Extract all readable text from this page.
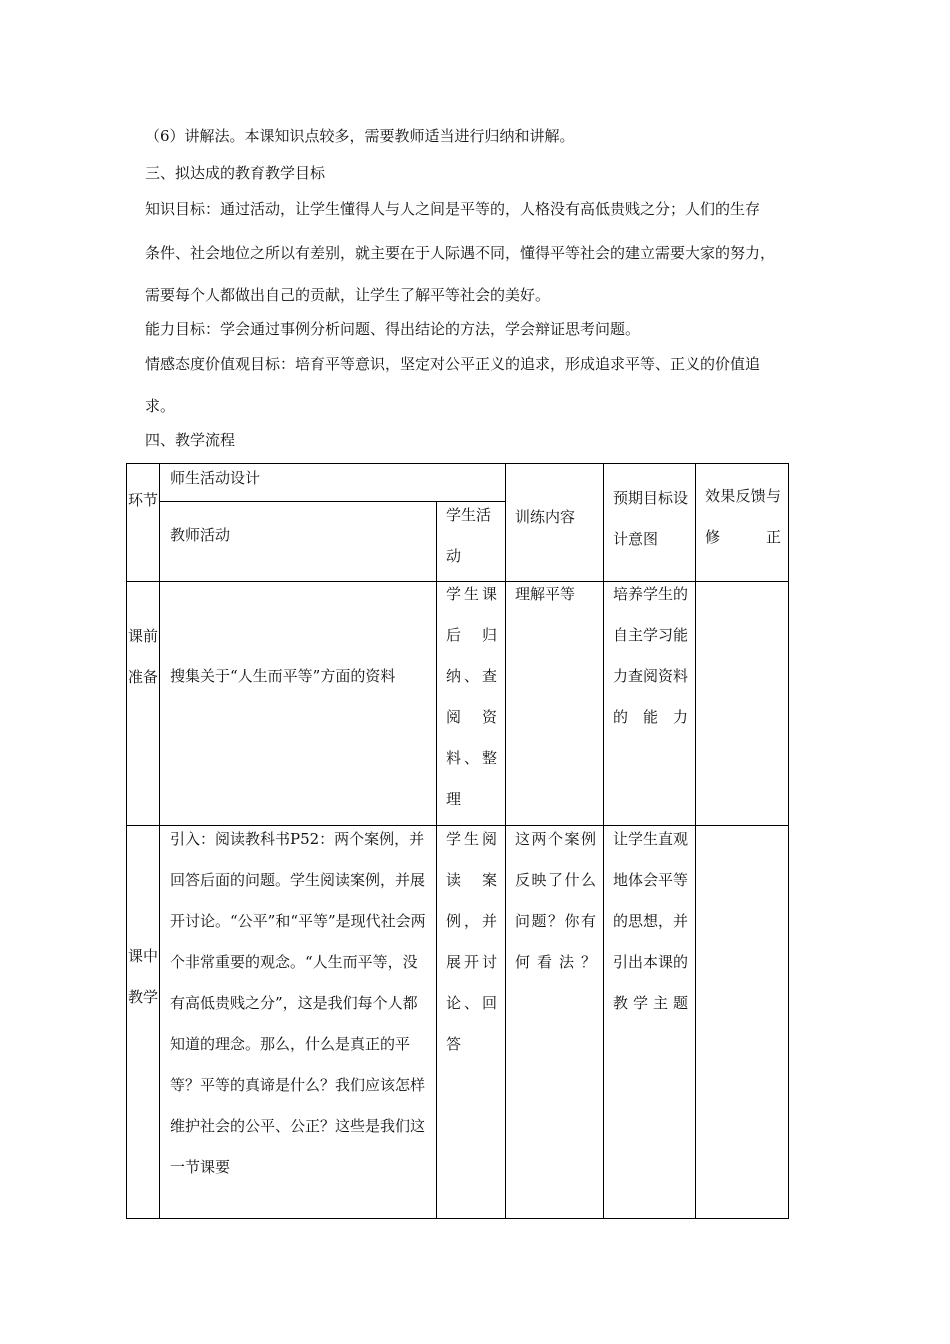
（6）讲解法。本课知识点较多，需要教师适当进行归纳和讲解。
三、拟达成的教育教学目标
知识目标：通过活动，让学生懂得人与人之间是平等的，人格没有高低贵贱之分；人们的生存
条件、社会地位之所以有差别，就主要在于人际遇不同，懂得平等社会的建立需要大家的努力，
需要每个人都做出自己的贡献，让学生了解平等社会的美好。
能力目标：学会通过事例分析问题、得出结论的方法，学会辩证思考问题。
情感态度价值观目标：培育平等意识，坚定对公平正义的追求，形成追求平等、正义的价值追
求。
四、教学流程
环节
师生活动设计
教师活动
学生活动
训练内容
预期目标设计意图
效果反馈与修正
课前准备 搜集关于“人生而平等”方面的资料
学生课后归纳、查阅资料、整理
理解平等	培养学生的自主学习能力查阅资料的能力
课中教学
引入：阅读教科书P52：两个案例，并回答后面的问题。学生阅读案例，并展开讨论。“公平”和“平等”是现代社会两个非常重要的观念。“人生而平等，没有高低贵贱之分”，这是我们每个人都知道的理念。那么，什么是真正的平等？平等的真谛是什么？我们应该怎样维护社会的公平、公正？这些是我们这一节课要
学生阅读案例，并展开讨论、回答
这两个案例反映了什么问题？你有何看法？
让学生直观地体会平等的思想，并引出本课的教学主题
